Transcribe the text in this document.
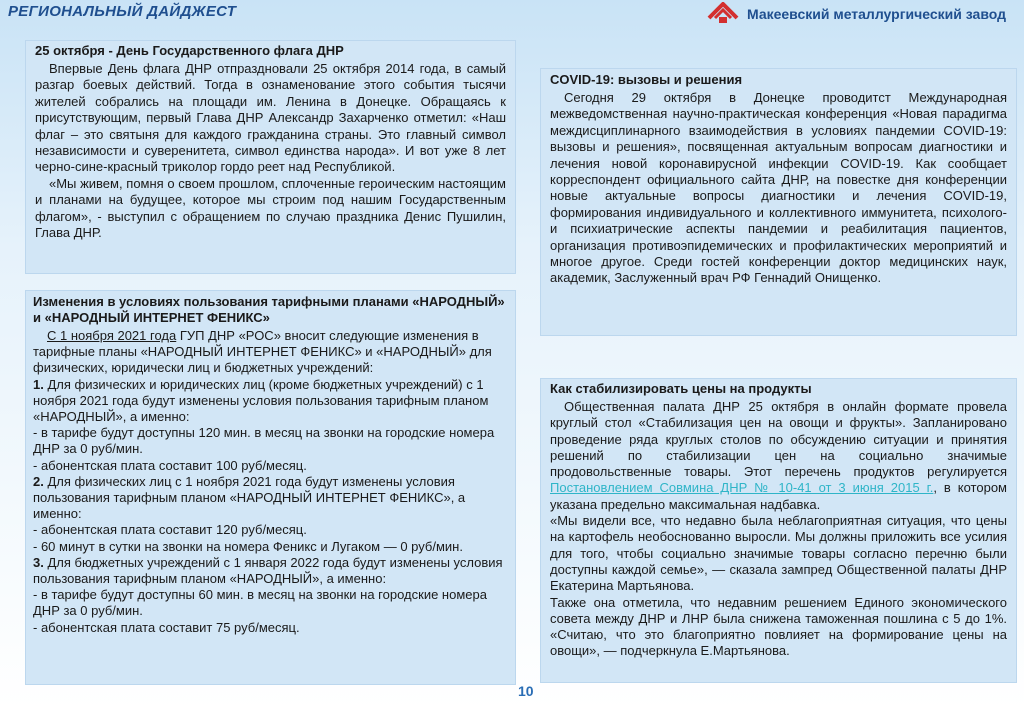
РЕГИОНАЛЬНЫЙ ДАЙДЖЕСТ	Макеевский металлургический завод
25 октября - День Государственного флага ДНР

Впервые День флага ДНР отпраздновали 25 октября 2014 года, в самый разгар боевых действий. Тогда в ознаменование этого события тысячи жителей собрались на площади им. Ленина в Донецке. Обращаясь к присутствующим, первый Глава ДНР Александр Захарченко отметил: «Наш флаг – это святыня для каждого гражданина страны. Это главный символ независимости и суверенитета, символ единства народа». И вот уже 8 лет черно-сине-красный триколор гордо реет над Республикой.

«Мы живем, помня о своем прошлом, сплоченные героическим настоящим и планами на будущее, которое мы строим под нашим Государственным флагом», - выступил с обращением по случаю праздника Денис Пушилин, Глава ДНР.

Изменения в условиях пользования тарифными планами «НАРОДНЫЙ» и «НАРОДНЫЙ ИНТЕРНЕТ ФЕНИКС»

С 1 ноября 2021 года ГУП ДНР «РОС» вносит следующие изменения в тарифные планы «НАРОДНЫЙ ИНТЕРНЕТ ФЕНИКС» и «НАРОДНЫЙ» для физических, юридически лиц и бюджетных учреждений:

1. Для физических и юридических лиц (кроме бюджетных учреждений) с 1 ноября 2021 года будут изменены условия пользования тарифным планом «НАРОДНЫЙ», а именно:

- в тарифе будут доступны 120 мин. в месяц на звонки на городские номера ДНР за 0 руб/мин.

- абонентская плата составит 100 руб/месяц.

2. Для физических лиц с 1 ноября 2021 года будут изменены условия пользования тарифным планом «НАРОДНЫЙ ИНТЕРНЕТ ФЕНИКС», а именно:

- абонентская плата составит 120 руб/месяц.

- 60 минут в сутки на звонки на номера Феникс и Лугаком — 0 руб/мин.

3. Для бюджетных учреждений с 1 января 2022 года будут изменены условия пользования тарифным планом «НАРОДНЫЙ», а именно:

- в тарифе будут доступны 60 мин. в месяц на звонки на городские номера ДНР за 0 руб/мин.

- абонентская плата составит 75 руб/месяц.

COVID-19: вызовы и решения

Сегодня 29 октября в Донецке проводитст Международная межведомственная научно-практическая конференция «Новая парадигма междисциплинарного взаимодействия в условиях пандемии COVID-19: вызовы и решения», посвященная актуальным вопросам диагностики и лечения новой коронавирусной инфекции COVID-19. Как сообщает корреспондент официального сайта ДНР, на повестке дня конференции новые актуальные вопросы диагностики и лечения COVID-19, формирования индивидуального и коллективного иммунитета, психолого- и психиатрические аспекты пандемии и реабилитация пациентов, организация противоэпидемических и профилактических мероприятий и многое другое. Среди гостей конференции доктор медицинских наук, академик, Заслуженный врач РФ Геннадий Онищенко.

Как стабилизировать цены на продукты

Общественная палата ДНР 25 октября в онлайн формате провела круглый стол «Стабилизация цен на овощи и фрукты». Запланировано проведение ряда круглых столов по обсуждению ситуации и принятия решений по стабилизации цен на социально значимые продовольственные товары. Этот перечень продуктов регулируется Постановлением Совмина ДНР № 10-41 от 3 июня 2015 г., в котором указана предельно максимальная надбавка.

«Мы видели все, что недавно была неблагоприятная ситуация, что цены на картофель необоснованно выросли. Мы должны приложить все усилия для того, чтобы социально значимые товары согласно перечню были доступны каждой семье», — сказала зампред Общественной палаты ДНР Екатерина Мартьянова.

Также она отметила, что недавним решением Единого экономического совета между ДНР и ЛНР была снижена таможенная пошлина с 5 до 1%. «Считаю, что это благоприятно повлияет на формирование цены на овощи», — подчеркнула Е.Мартьянова.

10
